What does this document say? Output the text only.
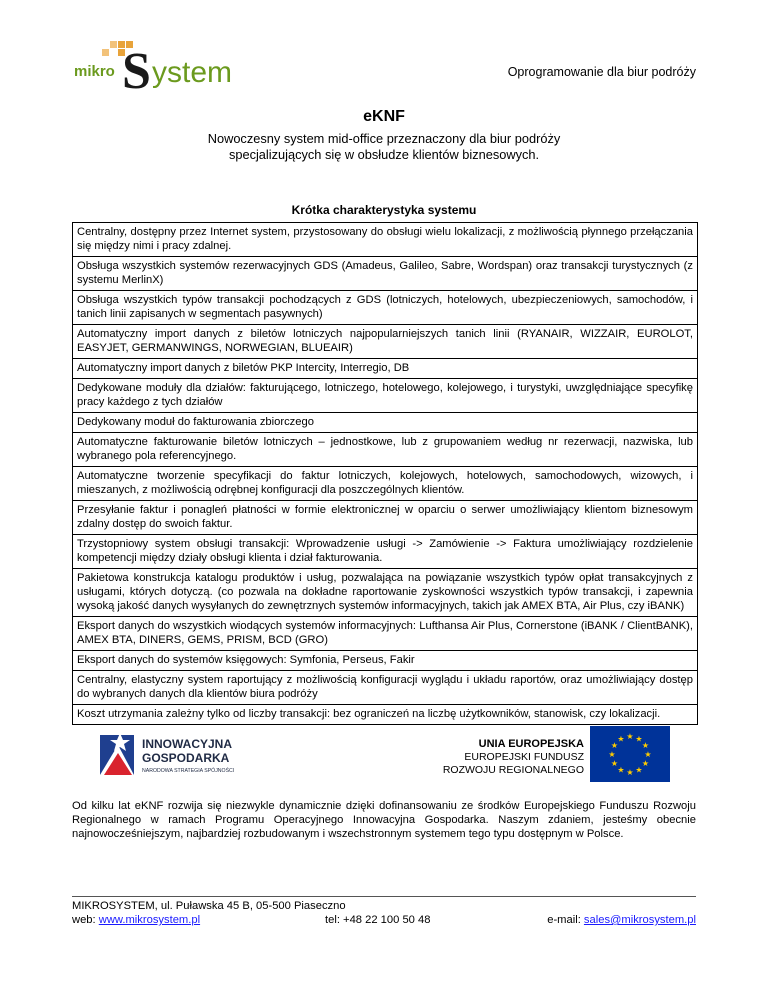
mikro S ystem	Oprogramowanie dla biur podróży
eKNF
Nowoczesny system mid-office przeznaczony dla biur podróży
specjalizujących się w obsłudze klientów biznesowych.
Krótka charakterystyka systemu
Centralny, dostępny przez Internet system, przystosowany do obsługi wielu lokalizacji, z możliwością płynnego przełączania się między nimi i pracy zdalnej.
Obsługa wszystkich systemów rezerwacyjnych GDS (Amadeus, Galileo, Sabre, Wordspan) oraz transakcji turystycznych (z systemu MerlinX)
Obsługa wszystkich typów transakcji pochodzących z GDS (lotniczych, hotelowych, ubezpieczeniowych, samochodów, i tanich linii zapisanych w segmentach pasywnych)
Automatyczny import danych z biletów lotniczych najpopularniejszych tanich linii (RYANAIR, WIZZAIR, EUROLOT, EASYJET, GERMANWINGS, NORWEGIAN, BLUEAIR)
Automatyczny import danych z biletów PKP Intercity, Interregio, DB
Dedykowane moduły dla działów: fakturującego, lotniczego, hotelowego, kolejowego, i turystyki, uwzględniające specyfikę pracy każdego z tych działów
Dedykowany moduł do fakturowania zbiorczego
Automatyczne fakturowanie biletów lotniczych – jednostkowe, lub z grupowaniem według nr rezerwacji, nazwiska, lub wybranego pola referencyjnego.
Automatyczne tworzenie specyfikacji do faktur lotniczych, kolejowych, hotelowych, samochodowych, wizowych, i mieszanych, z możliwością odrębnej konfiguracji dla poszczególnych klientów.
Przesyłanie faktur i ponagleń płatności w formie elektronicznej w oparciu o serwer umożliwiający klientom biznesowym zdalny dostęp do swoich faktur.
Trzystopniowy system obsługi transakcji: Wprowadzenie usługi -> Zamówienie -> Faktura umożliwiający rozdzielenie kompetencji między działy obsługi klienta i dział fakturowania.
Pakietowa konstrukcja katalogu produktów i usług, pozwalająca na powiązanie wszystkich typów opłat transakcyjnych z usługami, których dotyczą. (co pozwala na dokładne raportowanie zyskowności wszystkich typów transakcji, i zapewnia wysoką jakość danych wysyłanych do zewnętrznych systemów informacyjnych, takich jak AMEX BTA, Air Plus, czy iBANK)
Eksport danych do wszystkich wiodących systemów informacyjnych: Lufthansa Air Plus, Cornerstone (iBANK / ClientBANK), AMEX BTA, DINERS, GEMS, PRISM, BCD (GRO)
Eksport danych do systemów księgowych: Symfonia, Perseus, Fakir
Centralny, elastyczny system raportujący z możliwością konfiguracji wyglądu i układu raportów, oraz umożliwiający dostęp do wybranych danych dla klientów biura podróży
Koszt utrzymania zależny tylko od liczby transakcji: bez ograniczeń na liczbę użytkowników, stanowisk, czy lokalizacji.
INNOWACYJNA
GOSPODARKA
NARODOWA STRATEGIA SPÓJNOŚCI
UNIA EUROPEJSKA
EUROPEJSKI FUNDUSZ
ROZWOJU REGIONALNEGO
★ ★
★
★
★
★
★
★
★
★
★
★
Od kilku lat eKNF rozwija się niezwykle dynamicznie dzięki dofinansowaniu ze środków Europejskiego Funduszu Rozwoju Regionalnego w ramach Programu Operacyjnego Innowacyjna Gospodarka. Naszym zdaniem, jesteśmy obecnie najnowocześniejszym, najbardziej rozbudowanym i wszechstronnym systemem tego typu dostępnym w Polsce.
MIKROSYSTEM, ul. Puławska 45 B, 05-500 Piaseczno
web: www.mikrosystem.pl	tel: +48 22 100 50 48	e-mail: sales@mikrosystem.pl
